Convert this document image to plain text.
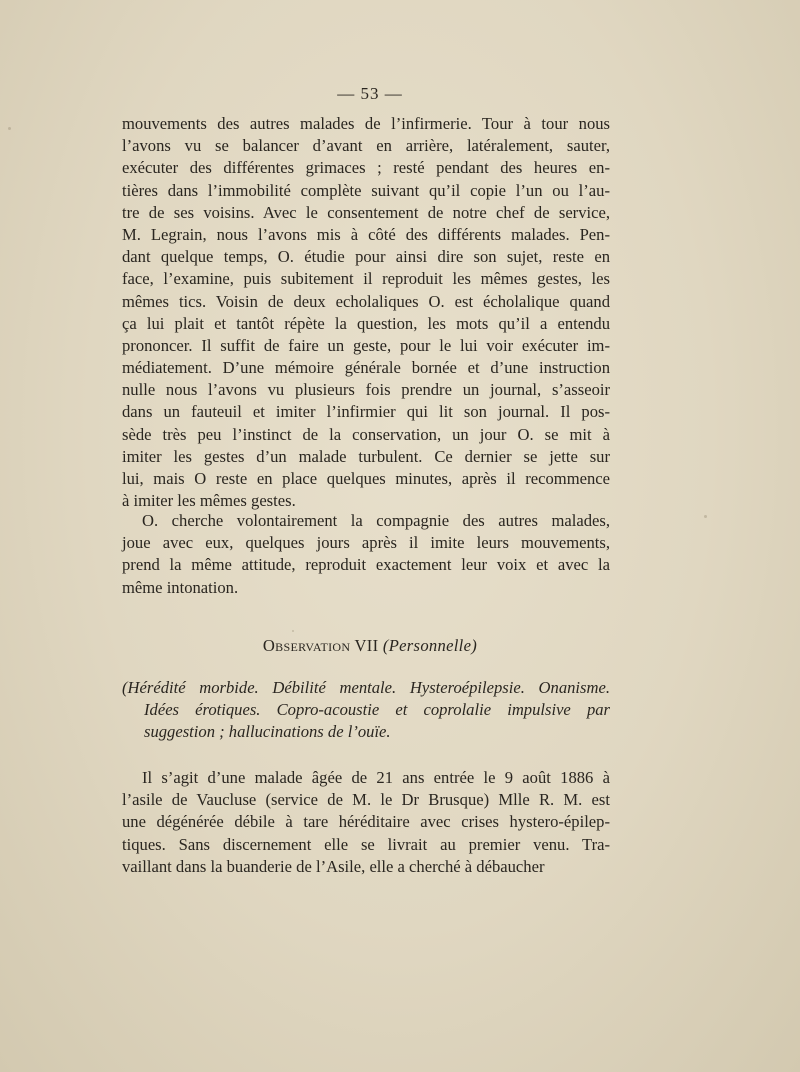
— 53 —
mouvements des autres malades de l’infirmerie. Tour à tour nous
l’avons vu se balancer d’avant en arrière, latéralement, sauter,
exécuter des différentes grimaces ; resté pendant des heures en-
tières dans l’immobilité complète suivant qu’il copie l’un ou l’au-
tre de ses voisins. Avec le consentement de notre chef de service,
M. Legrain, nous l’avons mis à côté des différents malades. Pen-
dant quelque temps, O. étudie pour ainsi dire son sujet, reste en
face, l’examine, puis subitement il reproduit les mêmes gestes, les
mêmes tics. Voisin de deux echolaliques O. est écholalique quand
ça lui plait et tantôt répète la question, les mots qu’il a entendu
prononcer. Il suffit de faire un geste, pour le lui voir exécuter im-
médiatement. D’une mémoire générale bornée et d’une instruction
nulle nous l’avons vu plusieurs fois prendre un journal, s’asseoir
dans un fauteuil et imiter l’infirmier qui lit son journal. Il pos-
sède très peu l’instinct de la conservation, un jour O. se mit à
imiter les gestes d’un malade turbulent. Ce dernier se jette sur
lui, mais O reste en place quelques minutes, après il recommence
à imiter les mêmes gestes.
O. cherche volontairement la compagnie des autres malades,
joue avec eux, quelques jours après il imite leurs mouvements,
prend la même attitude, reproduit exactement leur voix et avec la
même intonation.
Observation VII (Personnelle)
(Hérédité morbide. Débilité mentale. Hysteroépilepsie. Onanisme.
Idées érotiques. Copro-acoustie et coprolalie impulsive par
suggestion ; hallucinations de l’ouïe.
Il s’agit d’une malade âgée de 21 ans entrée le 9 août 1886 à
l’asile de Vaucluse (service de M. le Dr Brusque) Mlle R. M. est
une dégénérée débile à tare héréditaire avec crises hystero-épilep-
tiques. Sans discernement elle se livrait au premier venu. Tra-
vaillant dans la buanderie de l’Asile, elle a cherché à débaucher
